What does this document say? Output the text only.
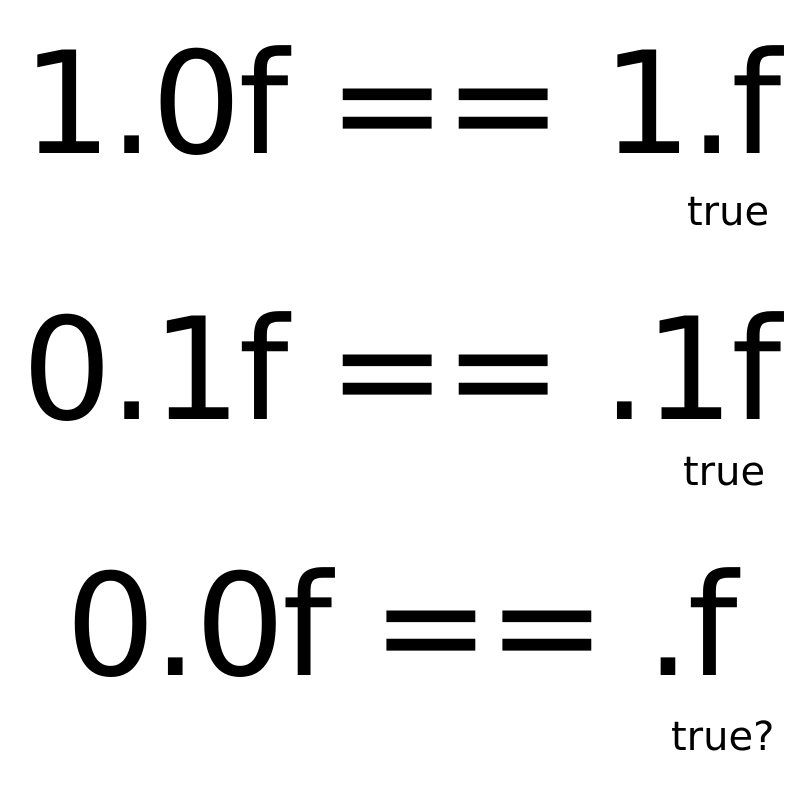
1.0f == 1.f
true
0.1f == .1f
true
0.0f == .f
true?
